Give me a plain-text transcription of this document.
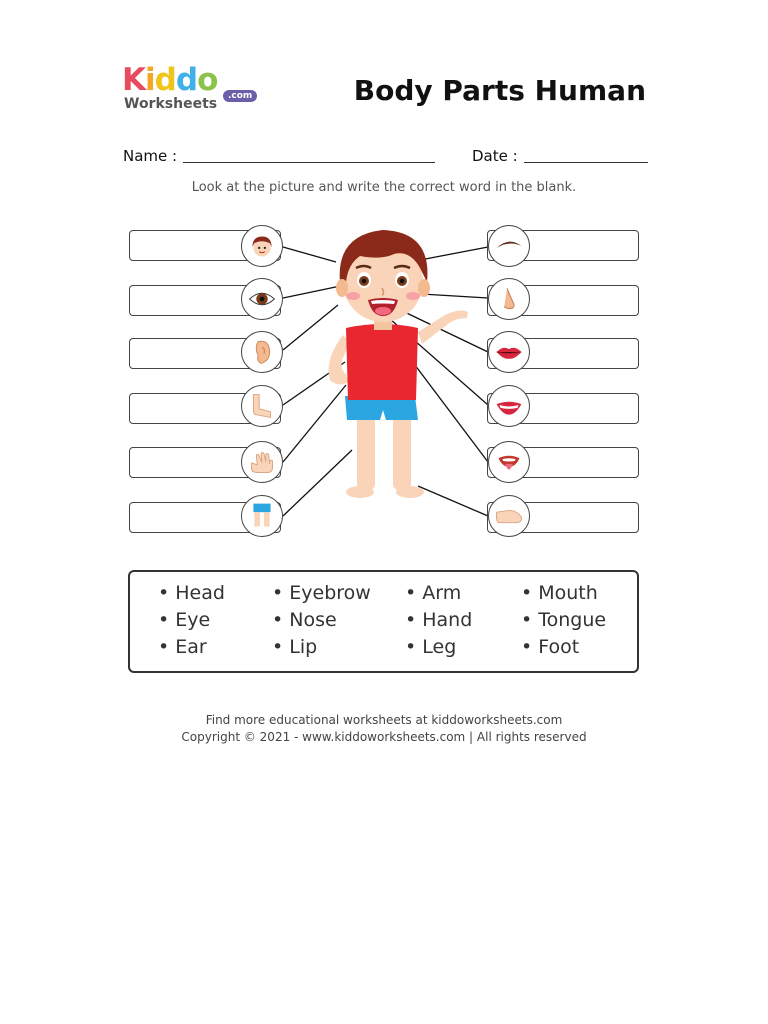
Kiddo
Worksheets	.com	Body Parts Human
Name :	Date :
Look at the picture and write the correct word in the blank.
• Head • Eyebrow • Arm	• Mouth
• Eye	• Nose	• Hand	• Tongue
• Ear	• Lip	• Leg	• Foot
Find more educational worksheets at kiddoworksheets.com
Copyright © 2021 - www.kiddoworksheets.com | All rights reserved
